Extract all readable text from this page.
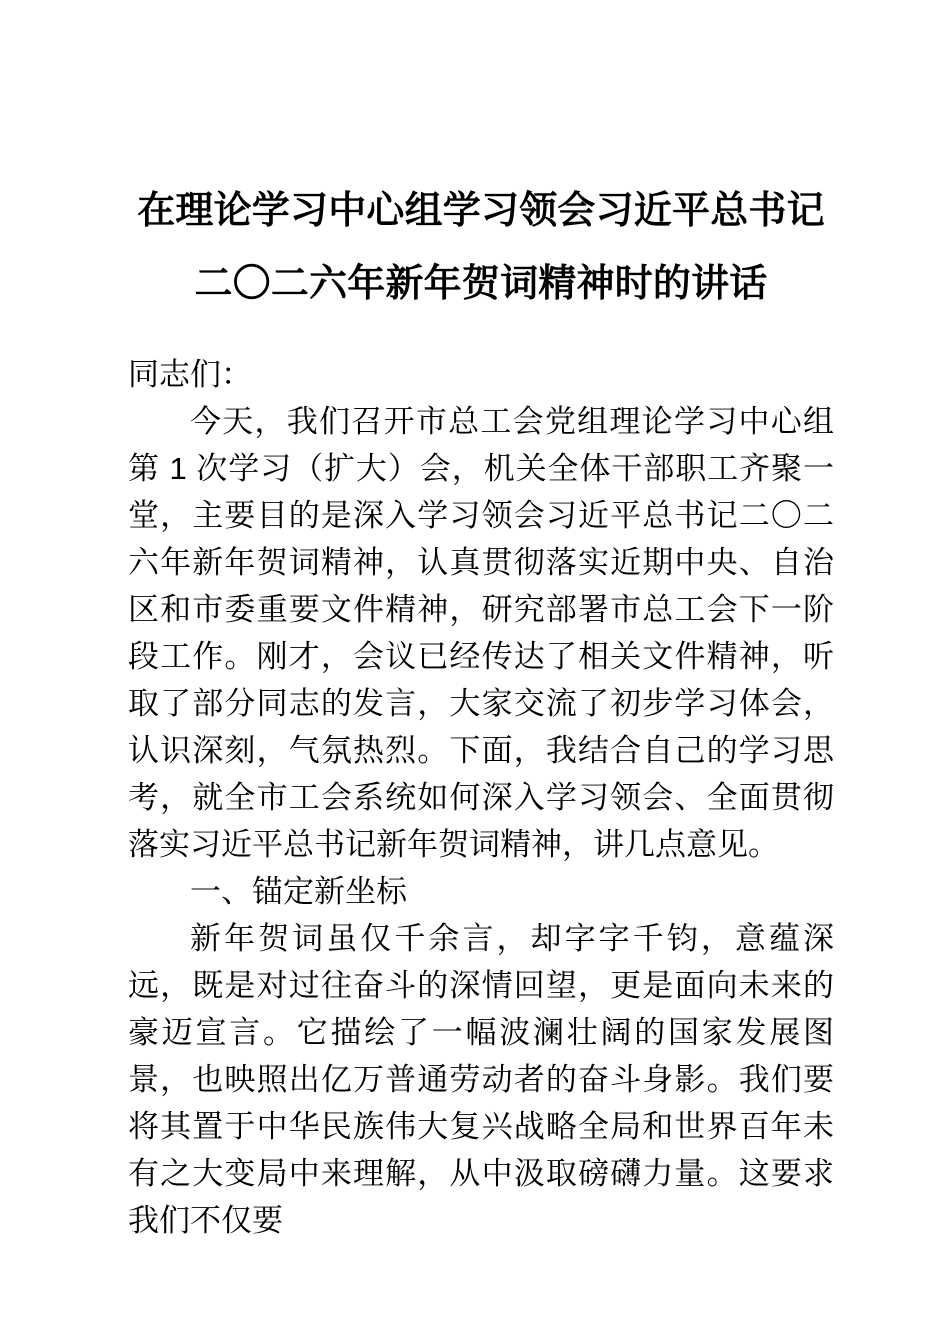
在理论学习中心组学习领会习近平总书记
二〇二六年新年贺词精神时的讲话

同志们：

今天，我们召开市总工会党组理论学习中心组第 1 次学习（扩大）会，机关全体干部职工齐聚一堂，主要目的是深入学习领会习近平总书记二〇二六年新年贺词精神，认真贯彻落实近期中央、自治区和市委重要文件精神，研究部署市总工会下一阶段工作。刚才，会议已经传达了相关文件精神，听取了部分同志的发言，大家交流了初步学习体会，认识深刻，气氛热烈。下面，我结合自己的学习思考，就全市工会系统如何深入学习领会、全面贯彻落实习近平总书记新年贺词精神，讲几点意见。

一、锚定新坐标

新年贺词虽仅千余言，却字字千钧，意蕴深远，既是对过往奋斗的深情回望，更是面向未来的豪迈宣言。它描绘了一幅波澜壮阔的国家发展图景，也映照出亿万普通劳动者的奋斗身影。我们要将其置于中华民族伟大复兴战略全局和世界百年未有之大变局中来理解，从中汲取磅礴力量。这要求我们不仅要
